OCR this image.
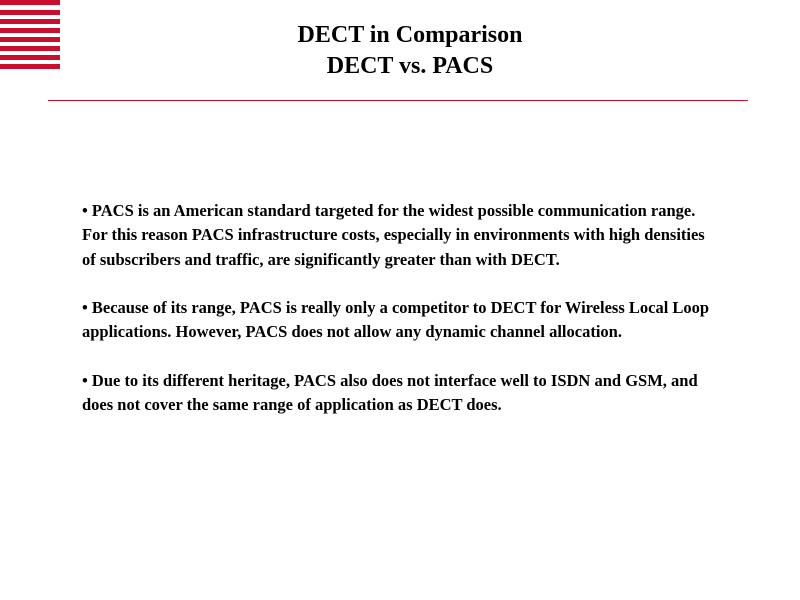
DECT in Comparison
DECT vs. PACS

• PACS is an American standard targeted for the widest possible communication range. For this reason PACS infrastructure costs, especially in environments with high densities of subscribers and traffic, are significantly greater than with DECT.

• Because of its range, PACS is really only a competitor to DECT for Wireless Local Loop applications. However, PACS does not allow any dynamic channel allocation.

• Due to its different heritage, PACS also does not interface well to ISDN and GSM, and does not cover the same range of application as DECT does.
